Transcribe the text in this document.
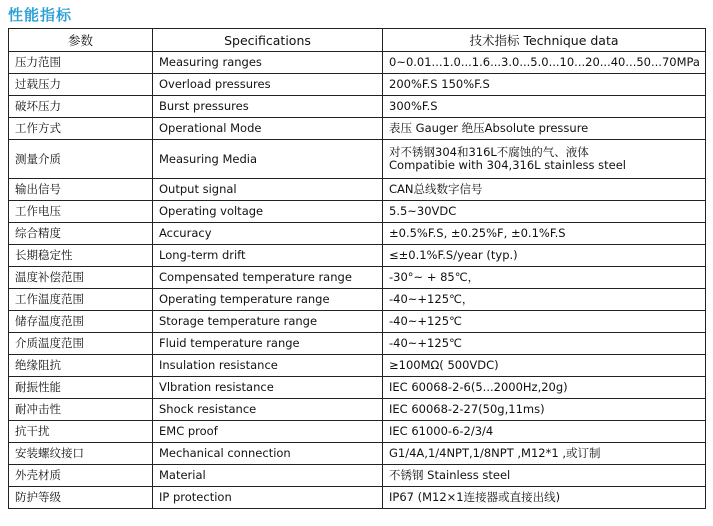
性能指标
参数	Specifications	技术指标 Technique data
压力范围	Measuring ranges	0~0.01...1.0...1.6...3.0...5.0...10...20...40...50...70MPa

过载压力	Overload pressures	200%F.S 150%F.S

破坏压力	Burst pressures	300%F.S

工作方式	Operational Mode	表压 Gauger 绝压Absolute pressure

测量介质	Measuring Media	对不锈钢304和316L不腐蚀的气、液体
Compatibie with 304,316L stainless steel

输出信号	Output signal	CAN总线数字信号

工作电压	Operating voltage	5.5~30VDC

综合精度	Accuracy	±0.5%F.S, ±0.25%F, ±0.1%F.S

长期稳定性	Long-term drift	≤±0.1%F.S/year (typ.)

温度补偿范围	Compensated temperature range	-30°~ + 85℃，

工作温度范围	Operating temperature range	-40~+125℃，

储存温度范围	Storage temperature range	-40~+125℃

介质温度范围	Fluid temperature range	-40~+125℃

绝缘阻抗	Insulation resistance	≥100MΩ( 500VDC)

耐振性能	Vlbration resistance	IEC 60068-2-6(5...2000Hz,20g)

耐冲击性	Shock resistance	IEC 60068-2-27(50g,11ms)

抗干扰	EMC proof	IEC 61000-6-2/3/4

安装螺纹接口	Mechanical connection	G1/4A,1/4NPT,1/8NPT ,M12*1 ,或订制

外壳材质	Material	不锈钢 Stainless steel

防护等级	IP protection	IP67 (M12×1连接器或直接出线)
